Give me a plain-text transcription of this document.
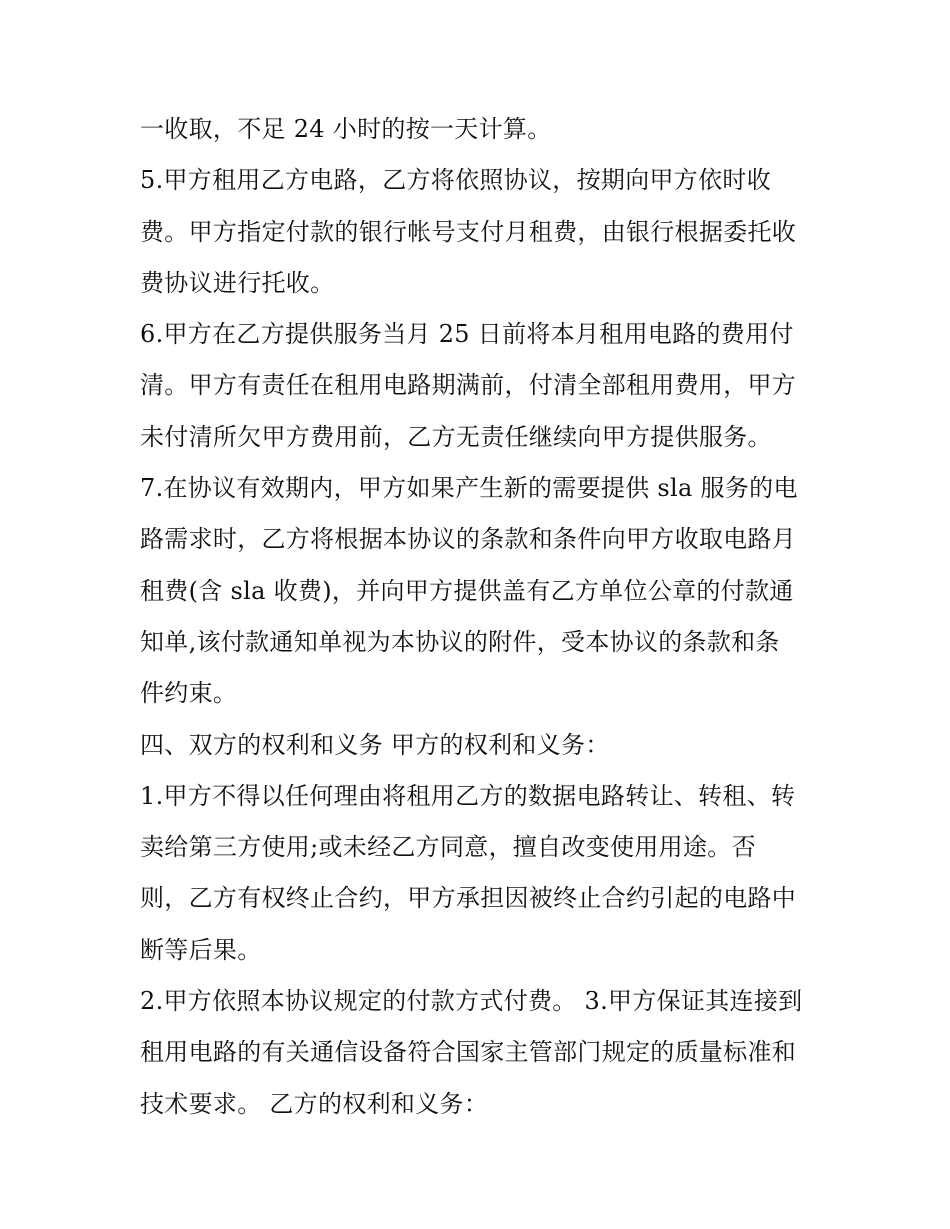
一收取，不足 24 小时的按一天计算。
5.甲方租用乙方电路，乙方将依照协议，按期向甲方依时收
费。甲方指定付款的银行帐号支付月租费，由银行根据委托收
费协议进行托收。
6.甲方在乙方提供服务当月 25 日前将本月租用电路的费用付
清。甲方有责任在租用电路期满前，付清全部租用费用，甲方
未付清所欠甲方费用前，乙方无责任继续向甲方提供服务。
7.在协议有效期内，甲方如果产生新的需要提供 sla 服务的电
路需求时，乙方将根据本协议的条款和条件向甲方收取电路月
租费(含 sla 收费)，并向甲方提供盖有乙方单位公章的付款通
知单,该付款通知单视为本协议的附件，受本协议的条款和条
件约束。
四、双方的权利和义务 甲方的权利和义务：
1.甲方不得以任何理由将租用乙方的数据电路转让、转租、转
卖给第三方使用;或未经乙方同意，擅自改变使用用途。否
则，乙方有权终止合约，甲方承担因被终止合约引起的电路中
断等后果。
2.甲方依照本协议规定的付款方式付费。 3.甲方保证其连接到
租用电路的有关通信设备符合国家主管部门规定的质量标准和
技术要求。 乙方的权利和义务：
